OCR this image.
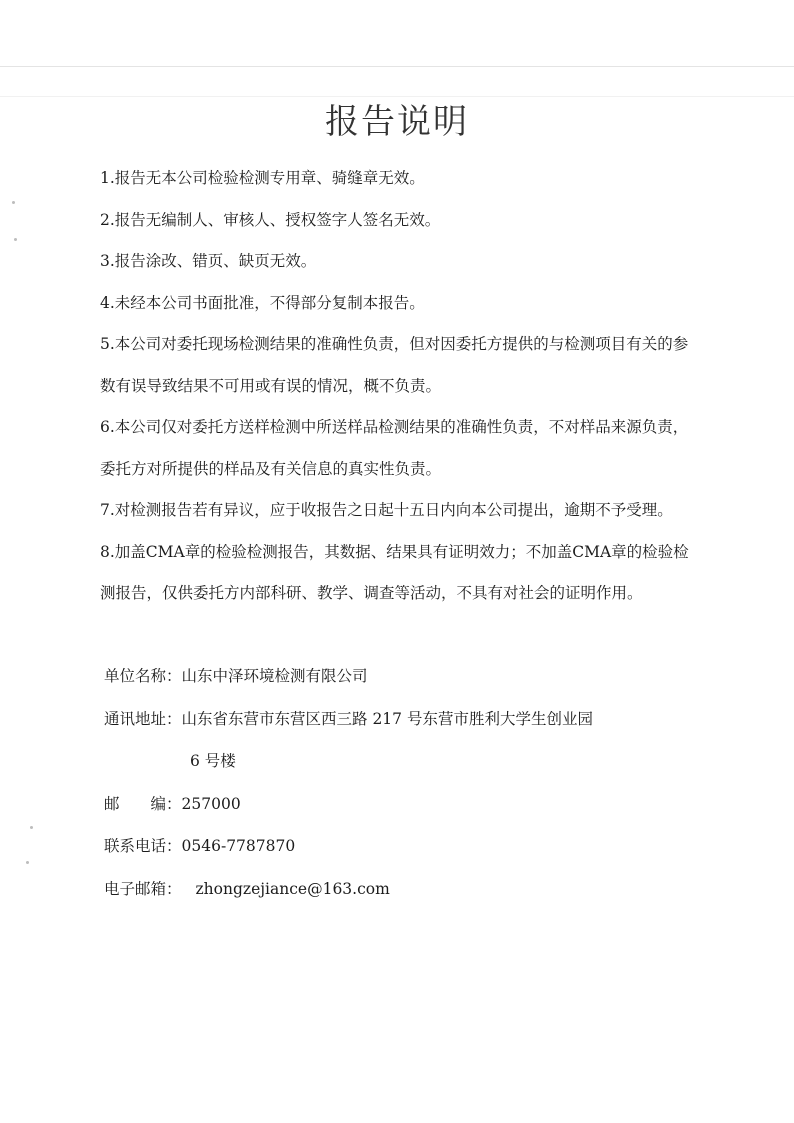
报告说明

1.报告无本公司检验检测专用章、骑缝章无效。

2.报告无编制人、审核人、授权签字人签名无效。

3.报告涂改、错页、缺页无效。

4.未经本公司书面批准，不得部分复制本报告。

5.本公司对委托现场检测结果的准确性负责，但对因委托方提供的与检测项目有关的参数有误导致结果不可用或有误的情况，概不负责。

6.本公司仅对委托方送样检测中所送样品检测结果的准确性负责，不对样品来源负责，委托方对所提供的样品及有关信息的真实性负责。

7.对检测报告若有异议，应于收报告之日起十五日内向本公司提出，逾期不予受理。

8.加盖CMA章的检验检测报告，其数据、结果具有证明效力；不加盖CMA章的检验检测报告，仅供委托方内部科研、教学、调查等活动，不具有对社会的证明作用。

单位名称：山东中泽环境检测有限公司
通讯地址：山东省东营市东营区西三路 217 号东营市胜利大学生创业园
6 号楼
邮　　编：257000
联系电话：0546-7787870
电子邮箱： zhongzejiance@163.com
